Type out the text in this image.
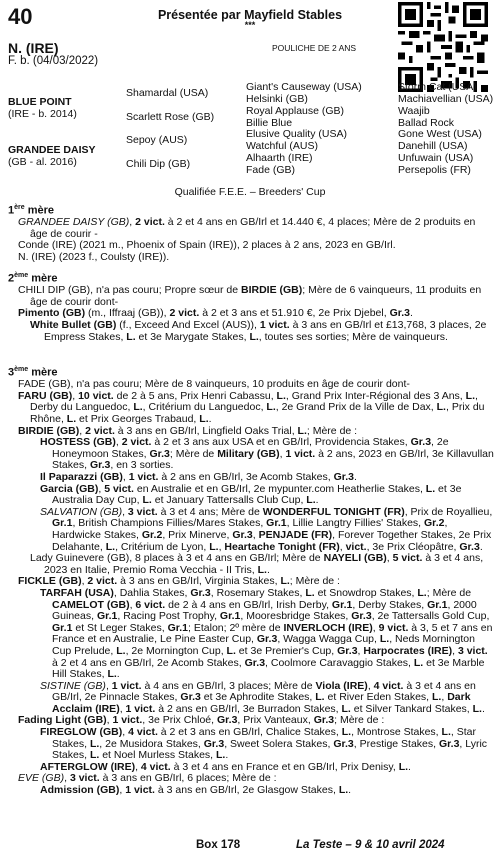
40	Présentée par Mayfield Stables
***
N. (IRE)
F. b. (04/03/2022)
POULICHE DE 2 ANS
BLUE POINT
(IRE - b. 2014)
GRANDEE DAISY
(GB - al. 2016)
Shamardal (USA)
Scarlett Rose (GB)
Sepoy (AUS)
Chili Dip (GB)
Giant's Causeway (USA)
Helsinki (GB)
Royal Applause (GB)
Billie Blue
Elusive Quality (USA)
Watchful (AUS)
Alhaarth (IRE)
Fade (GB)
Storm Cat (USA)
Machiavellian (USA)
Waajib
Ballad Rock
Gone West (USA)
Danehill (USA)
Unfuwain (USA)
Persepolis (FR)
Qualifiée F.E.E. – Breeders' Cup

1ère mère

GRANDEE DAISY (GB), 2 vict. à 2 et 4 ans en GB/Irl et 14.440 €, 4 places; Mère de 2 produits en âge de courir -

Conde (IRE) (2021 m., Phoenix of Spain (IRE)), 2 places à 2 ans, 2023 en GB/Irl.

N. (IRE) (2023 f., Coulsty (IRE)).

2ème mère

CHILI DIP (GB), n'a pas couru; Propre sœur de BIRDIE (GB); Mère de 6 vainqueurs, 11 produits en âge de courir dont-

Pimento (GB) (m., Iffraaj (GB)), 2 vict. à 2 et 3 ans et 51.910 €, 2e Prix Djebel, Gr.3.

White Bullet (GB) (f., Exceed And Excel (AUS)), 1 vict. à 3 ans en GB/Irl et £13,768, 3 places, 2e Empress Stakes, L. et 3e Marygate Stakes, L., toutes ses sorties; Mère de vainqueurs.

3ème mère

FADE (GB), n'a pas couru; Mère de 8 vainqueurs, 10 produits en âge de courir dont-

FARU (GB), 10 vict. de 2 à 5 ans, Prix Henri Cabassu, L., Grand Prix Inter-Régional des 3 Ans, L., Derby du Languedoc, L., Critérium du Languedoc, L., 2e Grand Prix de la Ville de Dax, L., Prix du Rhône, L. et Prix Georges Trabaud, L..

BIRDIE (GB), 2 vict. à 3 ans en GB/Irl, Lingfield Oaks Trial, L.; Mère de :

HOSTESS (GB), 2 vict. à 2 et 3 ans aux USA et en GB/Irl, Providencia Stakes, Gr.3, 2e Honeymoon Stakes, Gr.3; Mère de Military (GB), 1 vict. à 2 ans, 2023 en GB/Irl, 3e Killavullan Stakes, Gr.3, en 3 sorties.

Il Paparazzi (GB), 1 vict. à 2 ans en GB/Irl, 3e Acomb Stakes, Gr.3.

Garcia (GB), 5 vict. en Australie et en GB/Irl, 2e mypunter.com Heatherlie Stakes, L. et 3e Australia Day Cup, L. et January Tattersalls Club Cup, L..

SALVATION (GB), 3 vict. à 3 et 4 ans; Mère de WONDERFUL TONIGHT (FR), Prix de Royallieu, Gr.1, British Champions Fillies/Mares Stakes, Gr.1, Lillie Langtry Fillies' Stakes, Gr.2, Hardwicke Stakes, Gr.2, Prix Minerve, Gr.3, PENJADE (FR), Forever Together Stakes, 2e Prix Delahante, L., Critérium de Lyon, L., Heartache Tonight (FR), vict., 3e Prix Cléopâtre, Gr.3.

Lady Guinevere (GB), 8 places à 3 et 4 ans en GB/Irl; Mère de NAYELI (GB), 5 vict. à 3 et 4 ans, 2023 en Italie, Premio Roma Vecchia - II Tris, L..

FICKLE (GB), 2 vict. à 3 ans en GB/Irl, Virginia Stakes, L.; Mère de :

TARFAH (USA), Dahlia Stakes, Gr.3, Rosemary Stakes, L. et Snowdrop Stakes, L.; Mère de CAMELOT (GB), 6 vict. de 2 à 4 ans en GB/Irl, Irish Derby, Gr.1, Derby Stakes, Gr.1, 2000 Guineas, Gr.1, Racing Post Trophy, Gr.1, Mooresbridge Stakes, Gr.3, 2e Tattersalls Gold Cup, Gr.1 et St Leger Stakes, Gr.1; Etalon; 2º mère de INVERLOCH (IRE), 9 vict. à 3, 5 et 7 ans en France et en Australie, Le Pine Easter Cup, Gr.3, Wagga Wagga Cup, L., Neds Mornington Cup Prelude, L., 2e Mornington Cup, L. et 3e Premier's Cup, Gr.3, Harpocrates (IRE), 3 vict. à 2 et 4 ans en GB/Irl, 2e Acomb Stakes, Gr.3, Coolmore Caravaggio Stakes, L. et 3e Marble Hill Stakes, L..

SISTINE (GB), 1 vict. à 4 ans en GB/Irl, 3 places; Mère de Viola (IRE), 4 vict. à 3 et 4 ans en GB/Irl, 2e Pinnacle Stakes, Gr.3 et 3e Aphrodite Stakes, L. et River Eden Stakes, L., Dark Acclaim (IRE), 1 vict. à 2 ans en GB/Irl, 3e Burradon Stakes, L. et Silver Tankard Stakes, L..

Fading Light (GB), 1 vict., 3e Prix Chloé, Gr.3, Prix Vanteaux, Gr.3; Mère de :

FIREGLOW (GB), 4 vict. à 2 et 3 ans en GB/Irl, Chalice Stakes, L., Montrose Stakes, L., Star Stakes, L., 2e Musidora Stakes, Gr.3, Sweet Solera Stakes, Gr.3, Prestige Stakes, Gr.3, Lyric Stakes, L. et Noel Murless Stakes, L..

AFTERGLOW (IRE), 4 vict. à 3 et 4 ans en France et en GB/Irl, Prix Denisy, L..

EVE (GB), 3 vict. à 3 ans en GB/Irl, 6 places; Mère de :

Admission (GB), 1 vict. à 3 ans en GB/Irl, 2e Glasgow Stakes, L..

Box 178	La Teste – 9 & 10 avril 2024
